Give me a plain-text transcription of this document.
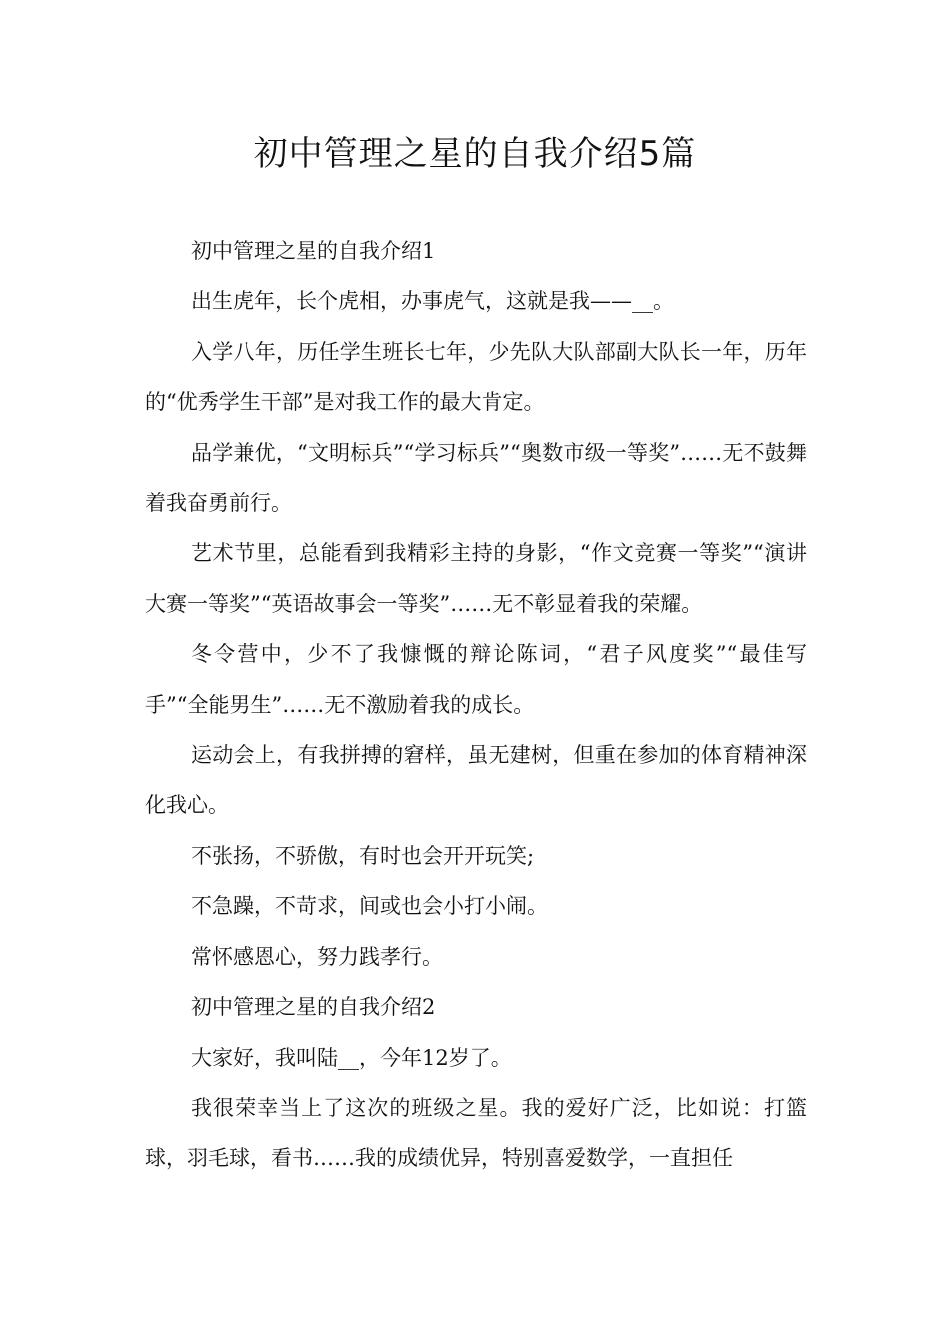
初中管理之星的自我介绍5篇

初中管理之星的自我介绍1

出生虎年，长个虎相，办事虎气，这就是我——__。

入学八年，历任学生班长七年，少先队大队部副大队长一年，历年的“优秀学生干部”是对我工作的最大肯定。

品学兼优，“文明标兵”“学习标兵”“奥数市级一等奖”……无不鼓舞着我奋勇前行。

艺术节里，总能看到我精彩主持的身影，“作文竞赛一等奖”“演讲大赛一等奖”“英语故事会一等奖”……无不彰显着我的荣耀。

冬令营中，少不了我慷慨的辩论陈词，“君子风度奖”“最佳写手”“全能男生”……无不激励着我的成长。

运动会上，有我拼搏的窘样，虽无建树，但重在参加的体育精神深化我心。

不张扬，不骄傲，有时也会开开玩笑;

不急躁，不苛求，间或也会小打小闹。

常怀感恩心，努力践孝行。

初中管理之星的自我介绍2

大家好，我叫陆__，今年12岁了。

我很荣幸当上了这次的班级之星。我的爱好广泛，比如说：打篮球，羽毛球，看书……我的成绩优异，特别喜爱数学，一直担任
